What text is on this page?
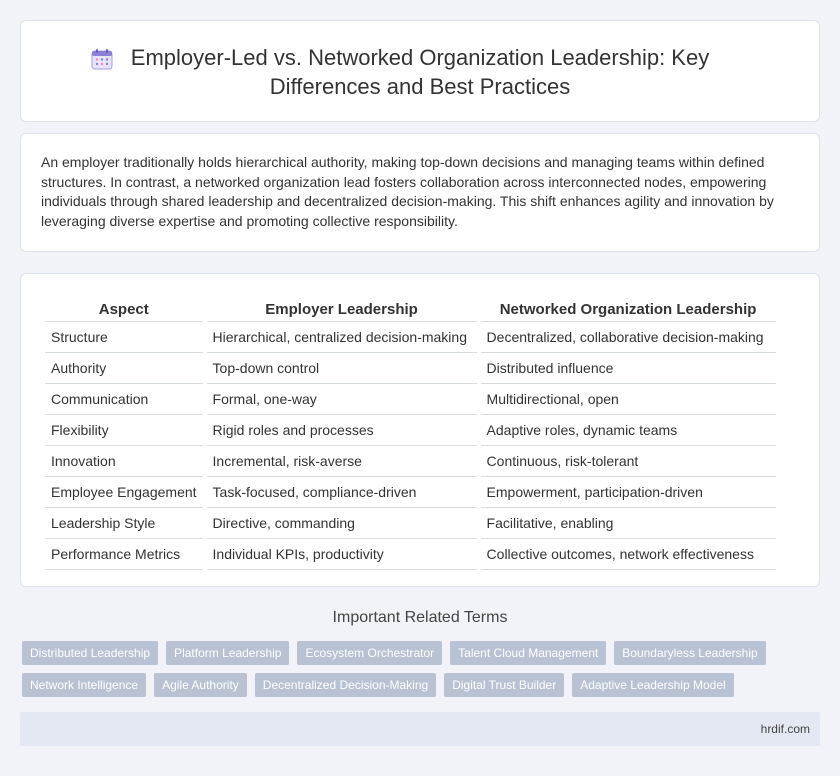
Employer-Led vs. Networked Organization Leadership: Key Differences and Best Practices

An employer traditionally holds hierarchical authority, making top-down decisions and managing teams within defined structures. In contrast, a networked organization lead fosters collaboration across interconnected nodes, empowering individuals through shared leadership and decentralized decision-making. This shift enhances agility and innovation by leveraging diverse expertise and promoting collective responsibility.

Aspect	Employer Leadership	Networked Organization Leadership
Structure	Hierarchical, centralized decision-making	Decentralized, collaborative decision-making
Authority	Top-down control	Distributed influence
Communication	Formal, one-way	Multidirectional, open
Flexibility	Rigid roles and processes	Adaptive roles, dynamic teams
Innovation	Incremental, risk-averse	Continuous, risk-tolerant
Employee Engagement	Task-focused, compliance-driven	Empowerment, participation-driven
Leadership Style	Directive, commanding	Facilitative, enabling
Performance Metrics	Individual KPIs, productivity	Collective outcomes, network effectiveness
Important Related Terms
Distributed Leadership	Platform Leadership	Ecosystem Orchestrator	Talent Cloud Management	Boundaryless Leadership
Network Intelligence	Agile Authority	Decentralized Decision-Making	Digital Trust Builder	Adaptive Leadership Model
hrdif.com
